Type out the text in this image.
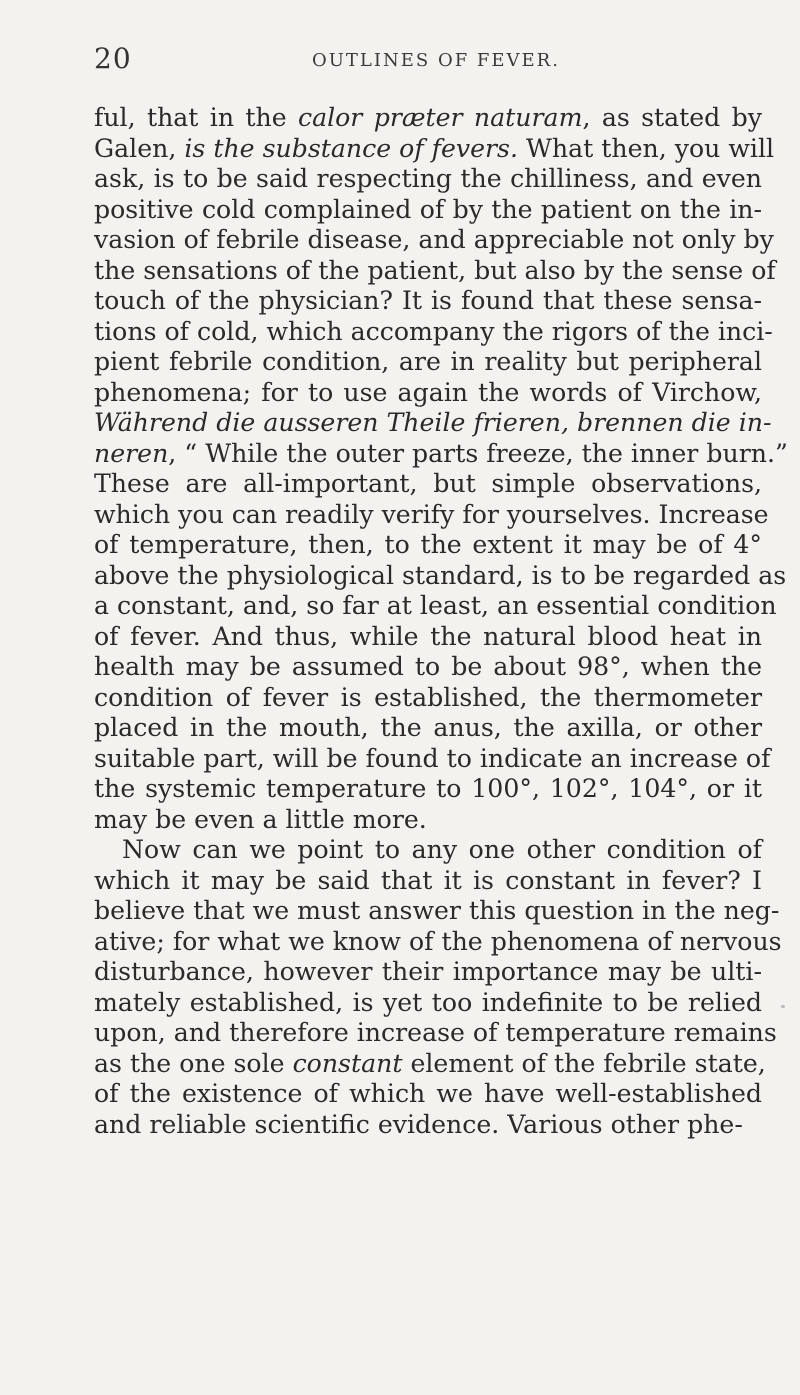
20	OUTLINES OF FEVER.
ful, that in the calor præter naturam, as stated by
Galen, is the substance of fevers. What then, you will
ask, is to be said respecting the chilliness, and even
positive cold complained of by the patient on the in-
vasion of febrile disease, and appreciable not only by
the sensations of the patient, but also by the sense of
touch of the physician? It is found that these sensa-
tions of cold, which accompany the rigors of the inci-
pient febrile condition, are in reality but peripheral
phenomena; for to use again the words of Virchow,
Während die ausseren Theile frieren, brennen die in-
neren, “ While the outer parts freeze, the inner burn.”
These are all-important, but simple observations,
which you can readily verify for yourselves. Increase
of temperature, then, to the extent it may be of 4°
above the physiological standard, is to be regarded as
a constant, and, so far at least, an essential condition
of fever. And thus, while the natural blood heat in
health may be assumed to be about 98°, when the
condition of fever is established, the thermometer
placed in the mouth, the anus, the axilla, or other
suitable part, will be found to indicate an increase of
the systemic temperature to 100°, 102°, 104°, or it
may be even a little more.
Now can we point to any one other condition of
which it may be said that it is constant in fever? I
believe that we must answer this question in the neg-
ative; for what we know of the phenomena of nervous
disturbance, however their importance may be ulti-
mately established, is yet too indefinite to be relied
upon, and therefore increase of temperature remains
as the one sole constant element of the febrile state,
of the existence of which we have well-established
and reliable scientific evidence. Various other phe-
